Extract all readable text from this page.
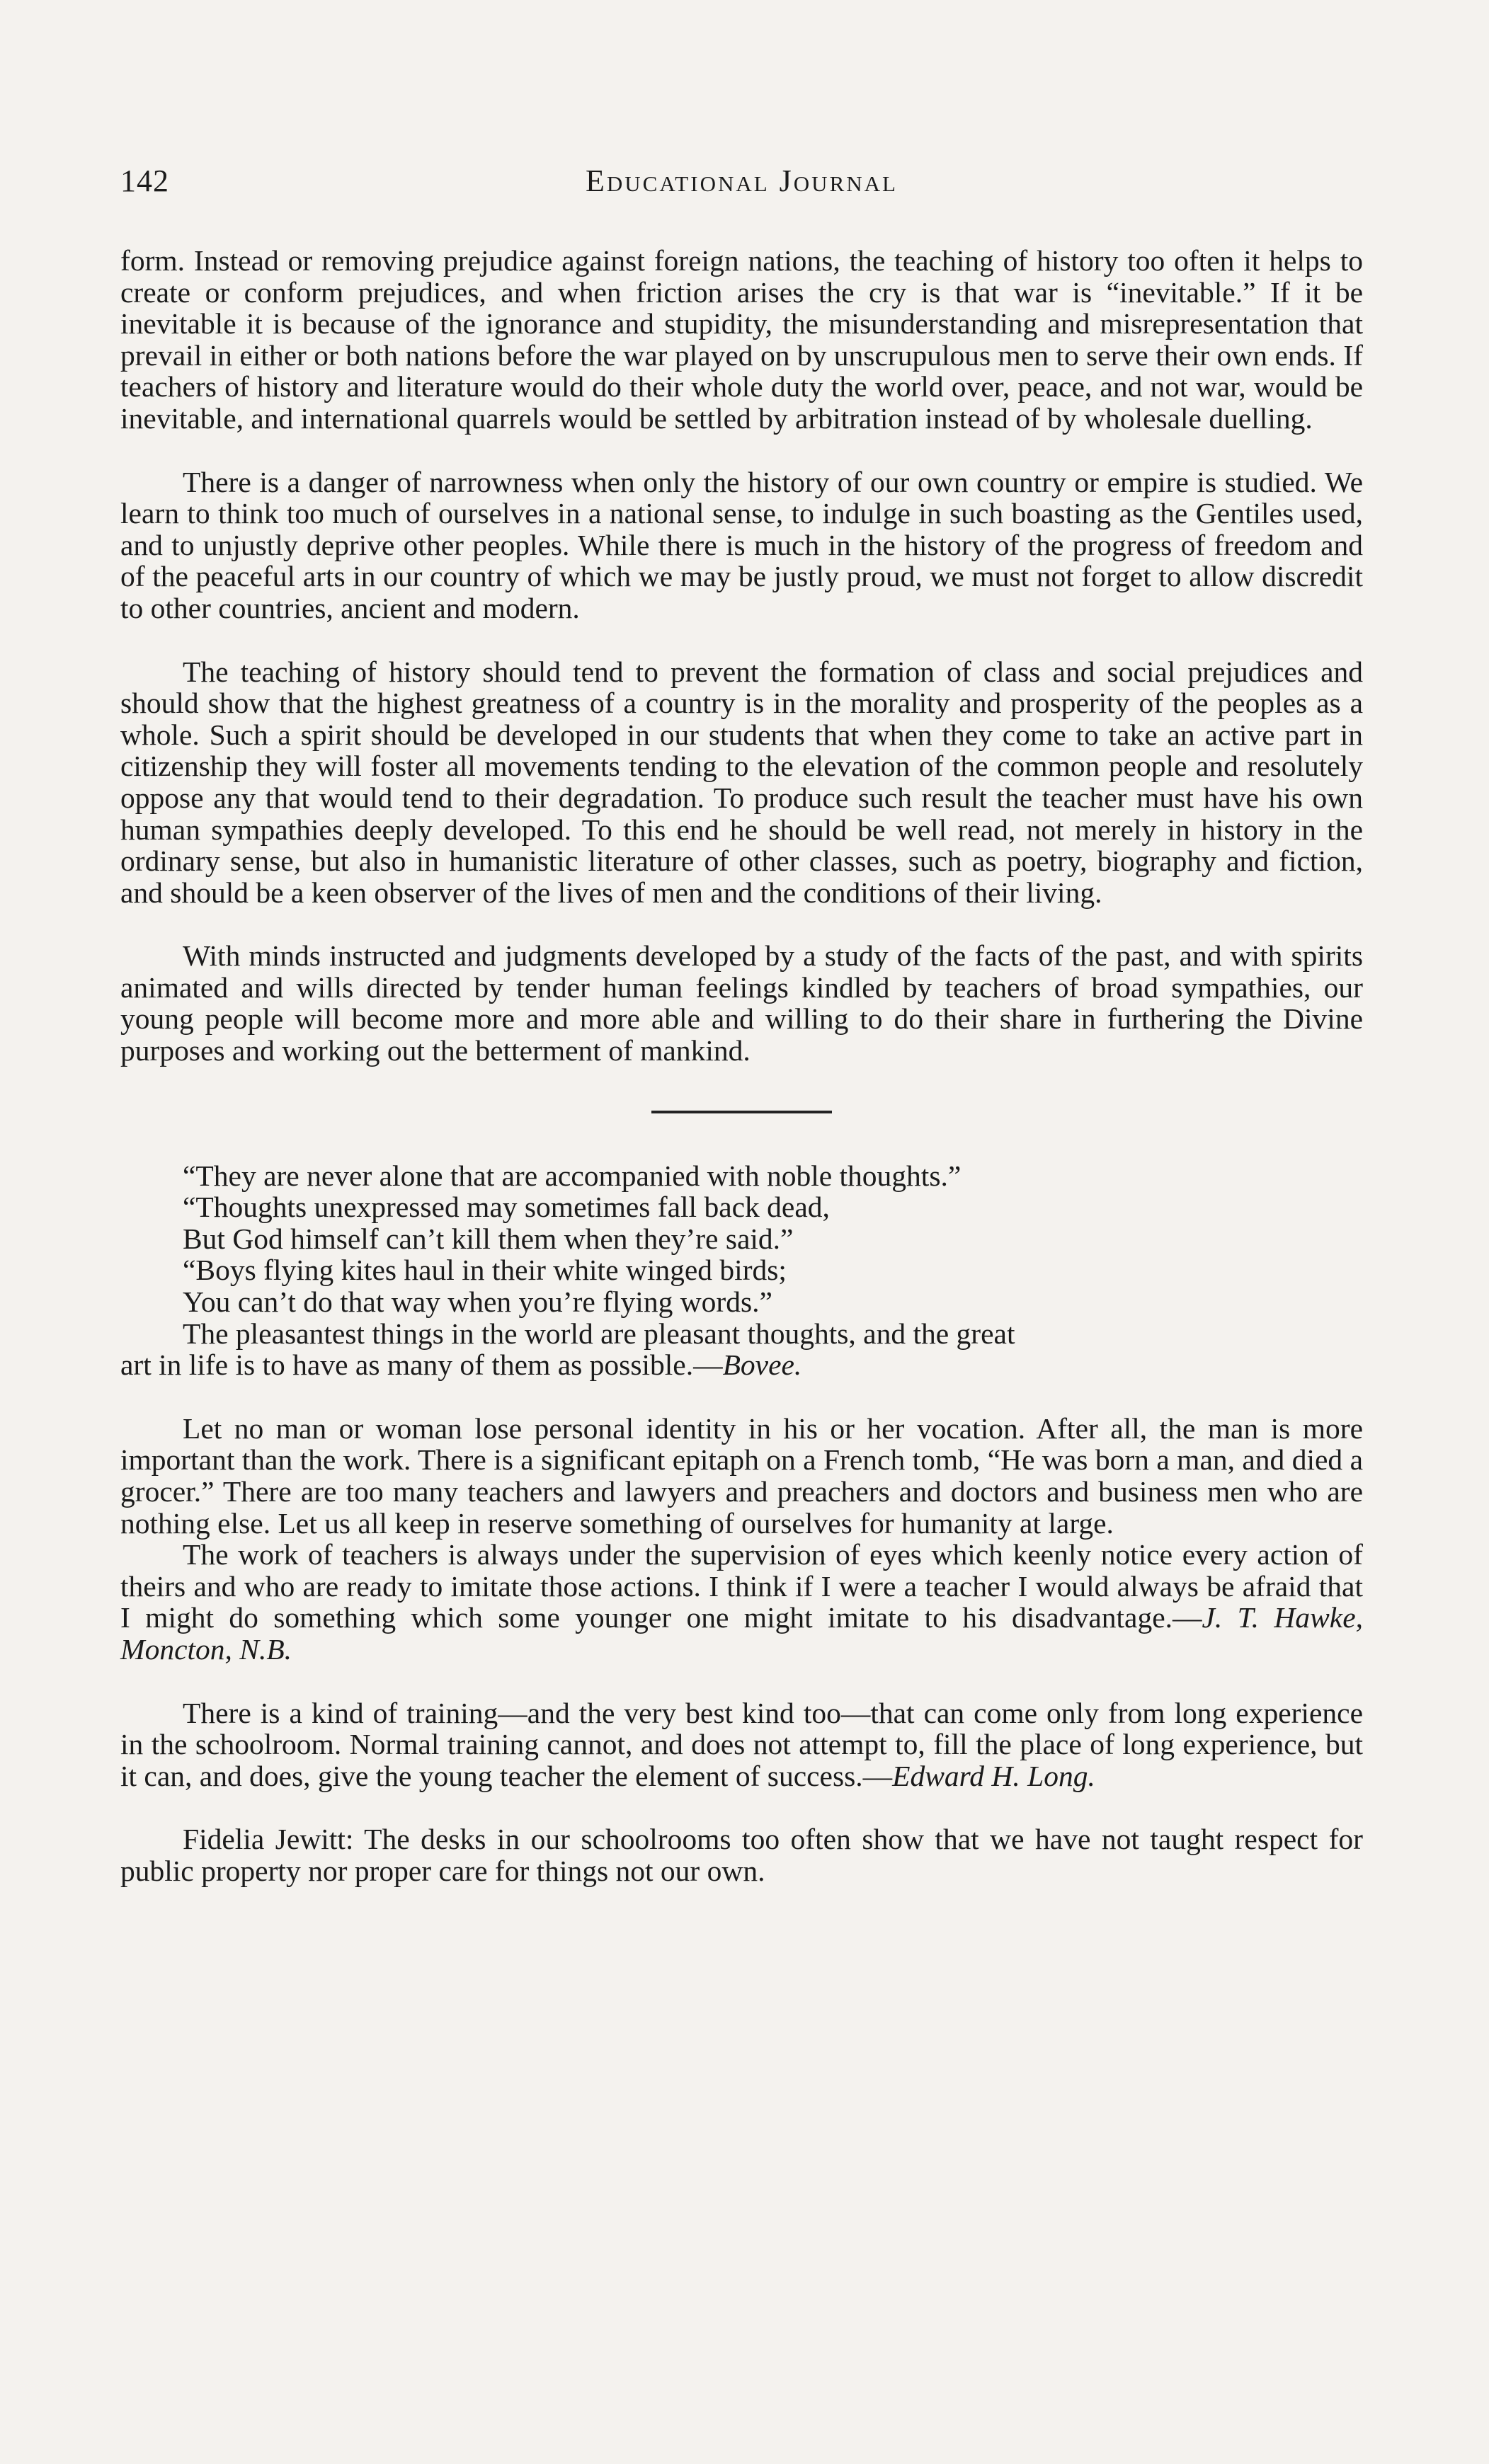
142	Educational Journal

form. Instead or removing prejudice against foreign nations, the teaching of history too often it helps to create or conform prejudices, and when friction arises the cry is that war is “inevitable.” If it be inevitable it is because of the ignorance and stupidity, the misunderstanding and misrepresentation that prevail in either or both nations before the war played on by unscrupulous men to serve their own ends. If teachers of history and literature would do their whole duty the world over, peace, and not war, would be inevitable, and international quarrels would be settled by arbitration instead of by wholesale duelling.

There is a danger of narrowness when only the history of our own country or empire is studied. We learn to think too much of ourselves in a national sense, to indulge in such boasting as the Gentiles used, and to unjustly deprive other peoples. While there is much in the history of the progress of freedom and of the peaceful arts in our country of which we may be justly proud, we must not forget to allow discredit to other countries, ancient and modern.

The teaching of history should tend to prevent the formation of class and social prejudices and should show that the highest greatness of a country is in the morality and prosperity of the peoples as a whole. Such a spirit should be developed in our students that when they come to take an active part in citizenship they will foster all movements tending to the elevation of the common people and resolutely oppose any that would tend to their degradation. To produce such result the teacher must have his own human sympathies deeply developed. To this end he should be well read, not merely in history in the ordinary sense, but also in humanistic literature of other classes, such as poetry, biography and fiction, and should be a keen observer of the lives of men and the conditions of their living.

With minds instructed and judgments developed by a study of the facts of the past, and with spirits animated and wills directed by tender human feelings kindled by teachers of broad sympathies, our young people will become more and more able and willing to do their share in furthering the Divine purposes and working out the betterment of mankind.

“They are never alone that are accompanied with noble thoughts.”
“Thoughts unexpressed may sometimes fall back dead,
But God himself can’t kill them when they’re said.”
“Boys flying kites haul in their white winged birds;
You can’t do that way when you’re flying words.”
The pleasantest things in the world are pleasant thoughts, and the great

art in life is to have as many of them as possible.—Bovee.

Let no man or woman lose personal identity in his or her vocation. After all, the man is more important than the work. There is a significant epitaph on a French tomb, “He was born a man, and died a grocer.” There are too many teachers and lawyers and preachers and doctors and business men who are nothing else. Let us all keep in reserve something of ourselves for humanity at large.

The work of teachers is always under the supervision of eyes which keenly notice every action of theirs and who are ready to imitate those actions. I think if I were a teacher I would always be afraid that I might do something which some younger one might imitate to his disadvantage.—J. T. Hawke, Moncton, N.B.

There is a kind of training—and the very best kind too—that can come only from long experience in the schoolroom. Normal training cannot, and does not attempt to, fill the place of long experience, but it can, and does, give the young teacher the element of success.—Edward H. Long.

Fidelia Jewitt: The desks in our schoolrooms too often show that we have not taught respect for public property nor proper care for things not our own.
